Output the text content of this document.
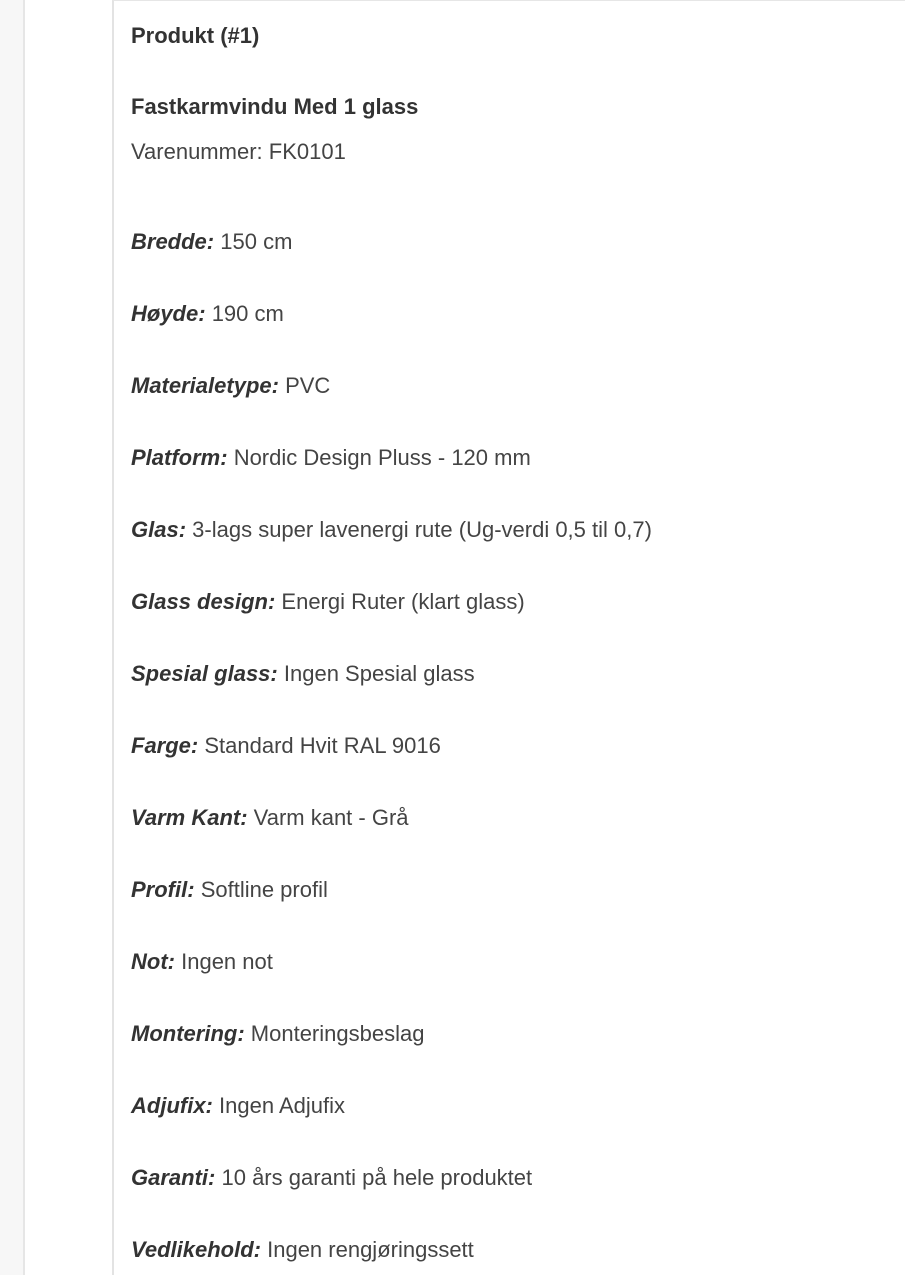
Produkt (#1)
Fastkarmvindu Med 1 glass
Varenummer: FK0101
Bredde: 150 cm
Høyde: 190 cm
Materialetype: PVC
Platform: Nordic Design Pluss - 120 mm
Glas: 3-lags super lavenergi rute (Ug-verdi 0,5 til 0,7)
Glass design: Energi Ruter (klart glass)
Spesial glass: Ingen Spesial glass
Farge: Standard Hvit RAL 9016
Varm Kant: Varm kant - Grå
Profil: Softline profil
Not: Ingen not
Montering: Monteringsbeslag
Adjufix: Ingen Adjufix
Garanti: 10 års garanti på hele produktet
Vedlikehold: Ingen rengjøringssett
